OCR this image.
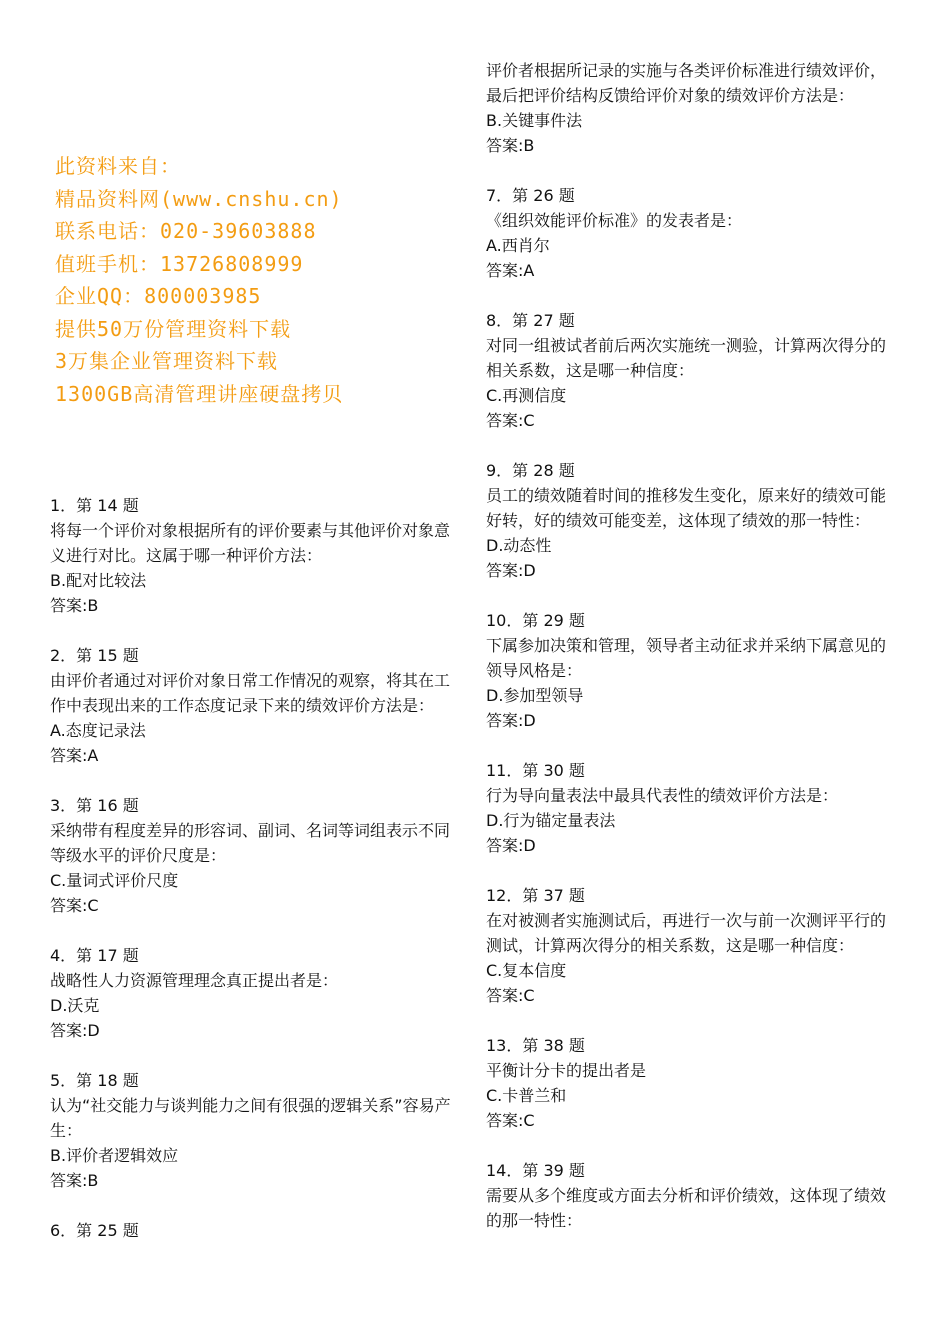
此资料来自：
精品资料网(www.cnshu.cn)
联系电话：020-39603888
值班手机：13726808999
企业QQ：800003985
提供50万份管理资料下载
3万集企业管理资料下载
1300GB高清管理讲座硬盘拷贝
1．第 14 题
将每一个评价对象根据所有的评价要素与其他评价对象意义进行对比。这属于哪一种评价方法：
B.配对比较法
答案:B
2．第 15 题
由评价者通过对评价对象日常工作情况的观察，将其在工作中表现出来的工作态度记录下来的绩效评价方法是：
A.态度记录法
答案:A
3．第 16 题
采纳带有程度差异的形容词、副词、名词等词组表示不同等级水平的评价尺度是：
C.量词式评价尺度
答案:C
4．第 17 题
战略性人力资源管理理念真正提出者是：
D.沃克
答案:D
5．第 18 题
认为“社交能力与谈判能力之间有很强的逻辑关系”容易产生：
B.评价者逻辑效应
答案:B
6．第 25 题
评价者根据所记录的实施与各类评价标准进行绩效评价，最后把评价结构反馈给评价对象的绩效评价方法是：
B.关键事件法
答案:B
7．第 26 题
《组织效能评价标准》的发表者是：
A.西肖尔
答案:A
8．第 27 题
对同一组被试者前后两次实施统一测验，计算两次得分的相关系数，这是哪一种信度：
C.再测信度
答案:C
9．第 28 题
员工的绩效随着时间的推移发生变化，原来好的绩效可能好转，好的绩效可能变差，这体现了绩效的那一特性：
D.动态性
答案:D
10．第 29 题
下属参加决策和管理，领导者主动征求并采纳下属意见的领导风格是：
D.参加型领导
答案:D
11．第 30 题
行为导向量表法中最具代表性的绩效评价方法是：
D.行为锚定量表法
答案:D
12．第 37 题
在对被测者实施测试后，再进行一次与前一次测评平行的测试，计算两次得分的相关系数，这是哪一种信度：
C.复本信度
答案:C
13．第 38 题
平衡计分卡的提出者是
C.卡普兰和
答案:C
14．第 39 题
需要从多个维度或方面去分析和评价绩效，这体现了绩效的那一特性：
